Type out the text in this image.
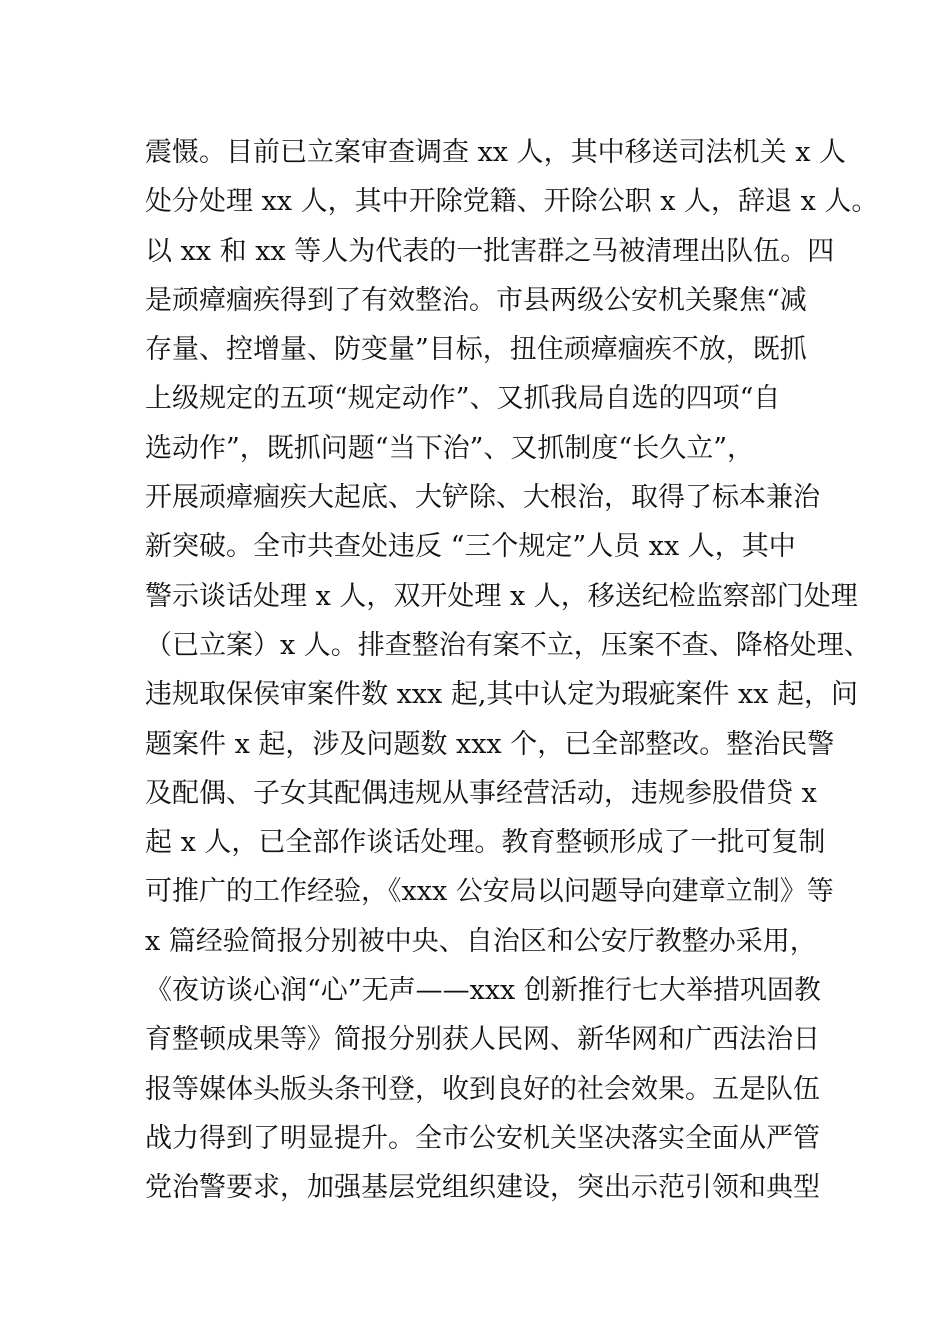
震慑。目前已立案审查调查 xx 人，其中移送司法机关 x 人
处分处理 xx 人，其中开除党籍、开除公职 x 人，辞退 x 人。
以 xx 和 xx 等人为代表的一批害群之马被清理出队伍。四
是顽瘴痼疾得到了有效整治。市县两级公安机关聚焦“减
存量、控增量、防变量”目标，扭住顽瘴痼疾不放，既抓
上级规定的五项“规定动作”、又抓我局自选的四项“自
选动作”，既抓问题“当下治”、又抓制度“长久立”，
开展顽瘴痼疾大起底、大铲除、大根治，取得了标本兼治
新突破。全市共查处违反 “三个规定”人员 xx 人，其中
警示谈话处理 x 人，双开处理 x 人，移送纪检监察部门处理
（已立案）x 人。排查整治有案不立，压案不查、降格处理、
违规取保侯审案件数 xxx 起,其中认定为瑕疵案件 xx 起，问
题案件 x 起，涉及问题数 xxx 个，已全部整改。整治民警
及配偶、子女其配偶违规从事经营活动，违规参股借贷 x
起 x 人，已全部作谈话处理。教育整顿形成了一批可复制
可推广的工作经验，《xxx 公安局以问题导向建章立制》等
x 篇经验简报分别被中央、自治区和公安厅教整办采用，
《夜访谈心润“心”无声——xxx 创新推行七大举措巩固教
育整顿成果等》简报分别获人民网、新华网和广西法治日
报等媒体头版头条刊登，收到良好的社会效果。五是队伍
战力得到了明显提升。全市公安机关坚决落实全面从严管
党治警要求，加强基层党组织建设，突出示范引领和典型
